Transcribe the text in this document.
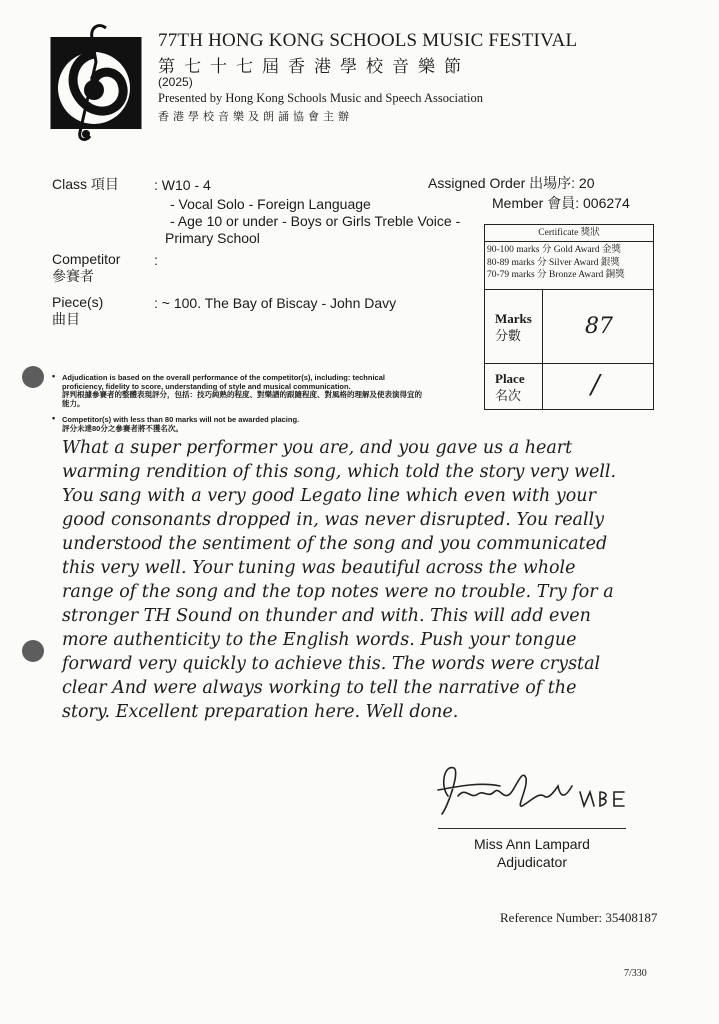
77TH HONG KONG SCHOOLS MUSIC FESTIVAL
第七十七屆香港學校音樂節
(2025)
Presented by Hong Kong Schools Music and Speech Association
香港學校音樂及朗誦協會主辦
Class 項目	: W10 - 4
- Vocal Solo - Foreign Language
- Age 10 or under - Boys or Girls Treble Voice -
Primary School
Assigned Order 出場序: 20
Member 會員: 006274
Competitor
參賽者
:
Piece(s)
曲目
: ~ 100. The Bay of Biscay - John Davy
Certificate 獎狀
90-100 marks 分 Gold Award 金獎
80-89 marks 分 Silver Award 銀獎
70-79 marks 分 Bronze Award 銅獎
Marks
分數	87
Place
名次	/
• Adjudication is based on the overall performance of the competitor(s), including: technical proficiency, fidelity to score, understanding of style and musical communication.
評判根據參賽者的整體表現評分，包括：技巧純熟的程度、對樂譜的跟隨程度、對風格的理解及使表演得宜的能力。
• Competitor(s) with less than 80 marks will not be awarded placing.
評分未達80分之參賽者將不獲名次。

What a super performer you are, and you gave us a heart

warming rendition of this song, which told the story very well.

You sang with a very good Legato line which even with your

good consonants dropped in, was never disrupted. You really

understood the sentiment of the song and you communicated

this very well. Your tuning was beautiful across the whole

range of the song and the top notes were no trouble. Try for a

stronger TH Sound on thunder and with. This will add even

more authenticity to the English words. Push your tongue

forward very quickly to achieve this. The words were crystal

clear And were always working to tell the narrative of the

story. Excellent preparation here. Well done.

Miss Ann Lampard
Adjudicator
Reference Number: 35408187
7/330
